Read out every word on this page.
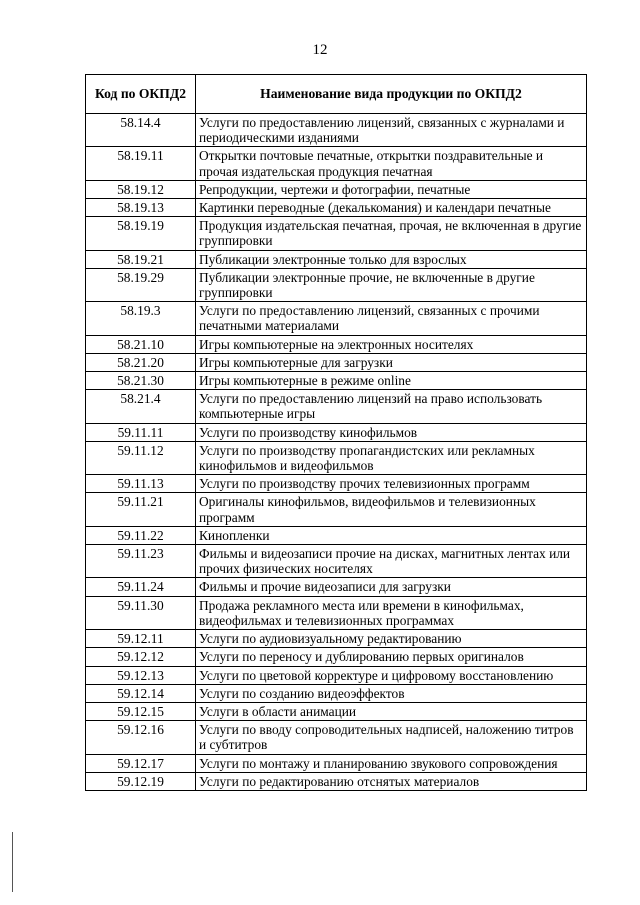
12
Код по ОКПД2	Наименование вида продукции по ОКПД2
58.14.4	Услуги по предоставлению лицензий, связанных с журналами и периодическими изданиями
58.19.11	Открытки почтовые печатные, открытки поздравительные и прочая издательская продукция печатная
58.19.12	Репродукции, чертежи и фотографии, печатные
58.19.13	Картинки переводные (декалькомания) и календари печатные
58.19.19	Продукция издательская печатная, прочая, не включенная в другие группировки
58.19.21	Публикации электронные только для взрослых
58.19.29	Публикации электронные прочие, не включенные в другие группировки
58.19.3	Услуги по предоставлению лицензий, связанных с прочими печатными материалами
58.21.10	Игры компьютерные на электронных носителях
58.21.20	Игры компьютерные для загрузки
58.21.30	Игры компьютерные в режиме online
58.21.4	Услуги по предоставлению лицензий на право использовать компьютерные игры
59.11.11	Услуги по производству кинофильмов
59.11.12	Услуги по производству пропагандистских или рекламных кинофильмов и видеофильмов
59.11.13	Услуги по производству прочих телевизионных программ
59.11.21	Оригиналы кинофильмов, видеофильмов и телевизионных программ
59.11.22	Кинопленки
59.11.23	Фильмы и видеозаписи прочие на дисках, магнитных лентах или прочих физических носителях
59.11.24	Фильмы и прочие видеозаписи для загрузки
59.11.30	Продажа рекламного места или времени в кинофильмах, видеофильмах и телевизионных программах
59.12.11	Услуги по аудиовизуальному редактированию
59.12.12	Услуги по переносу и дублированию первых оригиналов
59.12.13	Услуги по цветовой корректуре и цифровому восстановлению
59.12.14	Услуги по созданию видеоэффектов
59.12.15	Услуги в области анимации
59.12.16	Услуги по вводу сопроводительных надписей, наложению титров и субтитров
59.12.17	Услуги по монтажу и планированию звукового сопровождения
59.12.19	Услуги по редактированию отснятых материалов
